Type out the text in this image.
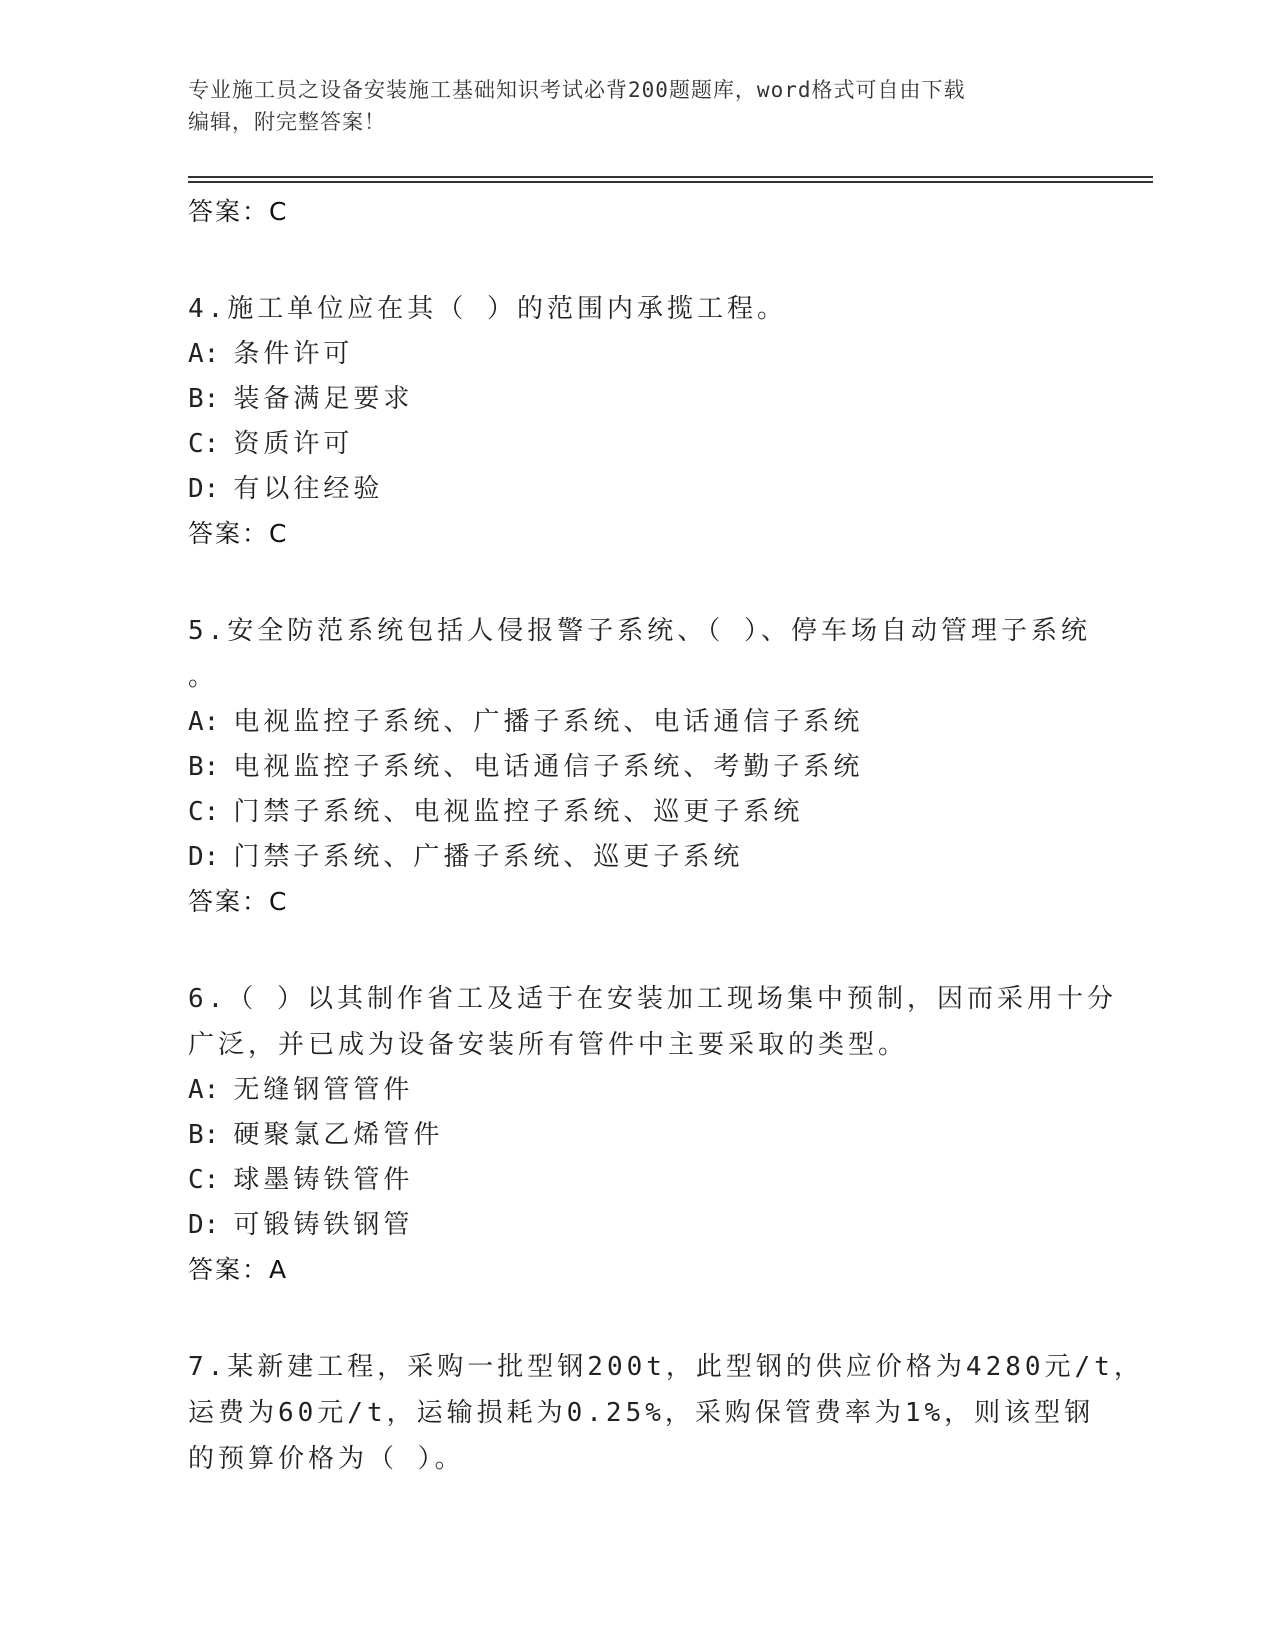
专业施工员之设备安装施工基础知识考试必背200题题库，word格式可自由下载
编辑，附完整答案！
答案：C
4.施工单位应在其（ ）的范围内承揽工程。
A: 条件许可
B: 装备满足要求
C: 资质许可
D: 有以往经验
答案：C
5.安全防范系统包括人侵报警子系统、（ ）、停车场自动管理子系统
。
A: 电视监控子系统、广播子系统、电话通信子系统
B: 电视监控子系统、电话通信子系统、考勤子系统
C: 门禁子系统、电视监控子系统、巡更子系统
D: 门禁子系统、广播子系统、巡更子系统
答案：C
6.（ ）以其制作省工及适于在安装加工现场集中预制，因而采用十分
广泛，并已成为设备安装所有管件中主要采取的类型。
A: 无缝钢管管件
B: 硬聚氯乙烯管件
C: 球墨铸铁管件
D: 可锻铸铁钢管
答案：A
7.某新建工程，采购一批型钢200t，此型钢的供应价格为4280元/t，
运费为60元/t，运输损耗为0.25%，采购保管费率为1%，则该型钢
的预算价格为（ ）。
